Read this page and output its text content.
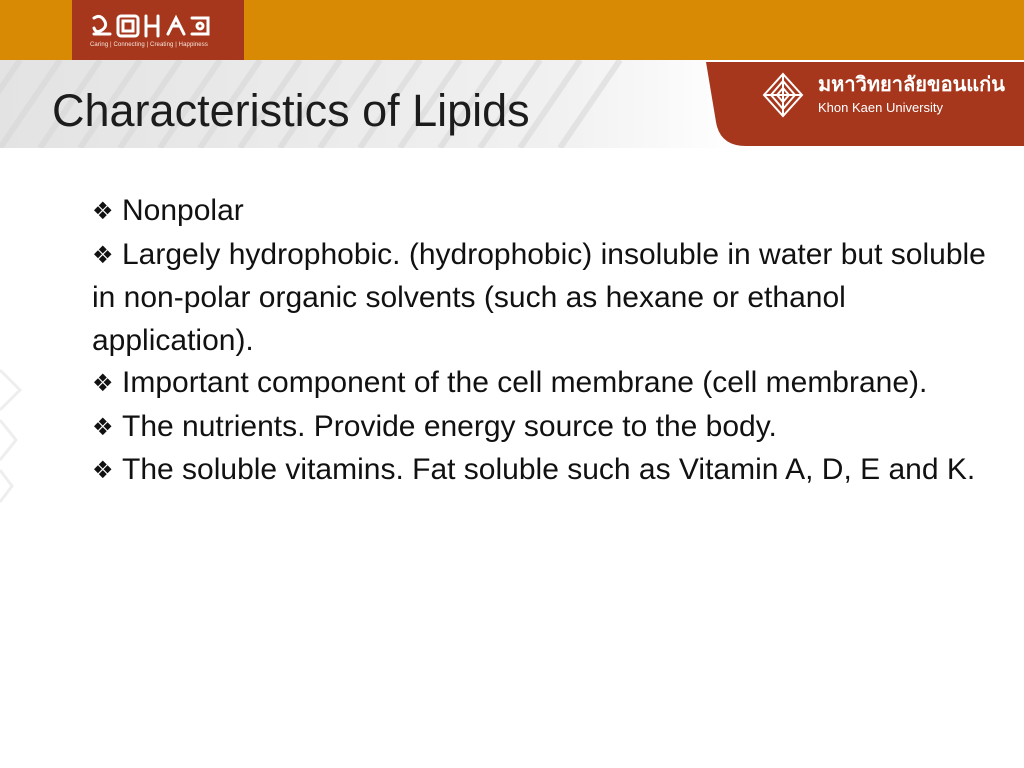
Caring | Connecting | Creating | Happiness
Characteristics of Lipids	มหาวิทยาลัยขอนแก่น
Khon Kaen University
❖ Nonpolar
❖ Largely hydrophobic. (hydrophobic) insoluble in water but soluble in non-polar organic solvents (such as hexane or ethanol application).
❖ Important component of the cell membrane (cell membrane).
❖ The nutrients. Provide energy source to the body.
❖ The soluble vitamins. Fat soluble such as Vitamin A, D, E and K.
